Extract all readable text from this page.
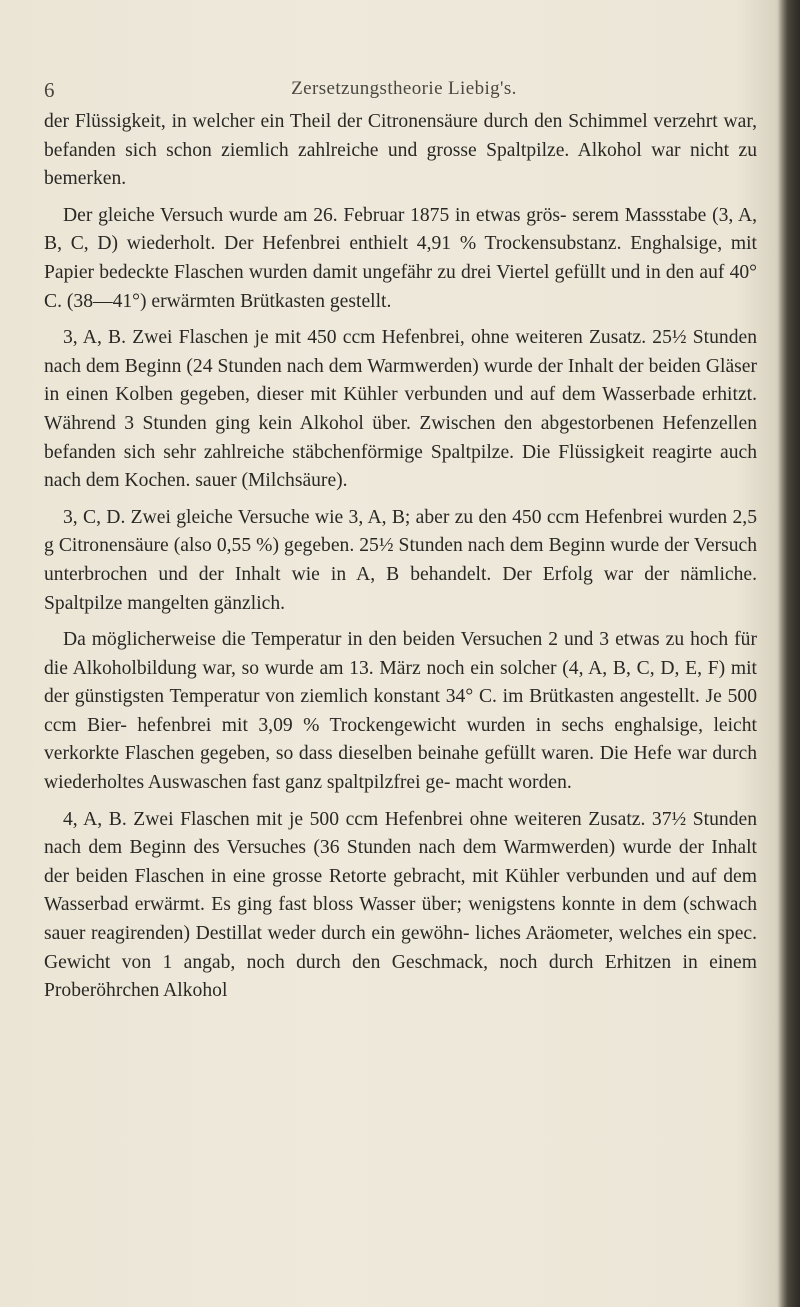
6	Zersetzungstheorie Liebig's.

der Flüssigkeit, in welcher ein Theil der Citronensäure durch den Schimmel verzehrt war, befanden sich schon ziemlich zahlreiche und grosse Spaltpilze. Alkohol war nicht zu bemerken.

Der gleiche Versuch wurde am 26. Februar 1875 in etwas grös- serem Massstabe (3, A, B, C, D) wiederholt. Der Hefenbrei enthielt 4,91 % Trockensubstanz. Enghalsige, mit Papier bedeckte Flaschen wurden damit ungefähr zu drei Viertel gefüllt und in den auf 40° C. (38—41°) erwärmten Brütkasten gestellt.

3, A, B. Zwei Flaschen je mit 450 ccm Hefenbrei, ohne weiteren Zusatz. 25½ Stunden nach dem Beginn (24 Stunden nach dem Warmwerden) wurde der Inhalt der beiden Gläser in einen Kolben gegeben, dieser mit Kühler verbunden und auf dem Wasserbade erhitzt. Während 3 Stunden ging kein Alkohol über. Zwischen den abgestorbenen Hefenzellen befanden sich sehr zahlreiche stäbchenförmige Spaltpilze. Die Flüssigkeit reagirte auch nach dem Kochen. sauer (Milchsäure).

3, C, D. Zwei gleiche Versuche wie 3, A, B; aber zu den 450 ccm Hefenbrei wurden 2,5 g Citronensäure (also 0,55 %) gegeben. 25½ Stunden nach dem Beginn wurde der Versuch unterbrochen und der Inhalt wie in A, B behandelt. Der Erfolg war der nämliche. Spaltpilze mangelten gänzlich.

Da möglicherweise die Temperatur in den beiden Versuchen 2 und 3 etwas zu hoch für die Alkoholbildung war, so wurde am 13. März noch ein solcher (4, A, B, C, D, E, F) mit der günstigsten Temperatur von ziemlich konstant 34° C. im Brütkasten angestellt. Je 500 ccm Bier- hefenbrei mit 3,09 % Trockengewicht wurden in sechs enghalsige, leicht verkorkte Flaschen gegeben, so dass dieselben beinahe gefüllt waren. Die Hefe war durch wiederholtes Auswaschen fast ganz spaltpilzfrei ge- macht worden.

4, A, B. Zwei Flaschen mit je 500 ccm Hefenbrei ohne weiteren Zusatz. 37½ Stunden nach dem Beginn des Versuches (36 Stunden nach dem Warmwerden) wurde der Inhalt der beiden Flaschen in eine grosse Retorte gebracht, mit Kühler verbunden und auf dem Wasserbad erwärmt. Es ging fast bloss Wasser über; wenigstens konnte in dem (schwach sauer reagirenden) Destillat weder durch ein gewöhn- liches Aräometer, welches ein spec. Gewicht von 1 angab, noch durch den Geschmack, noch durch Erhitzen in einem Proberöhrchen Alkohol
